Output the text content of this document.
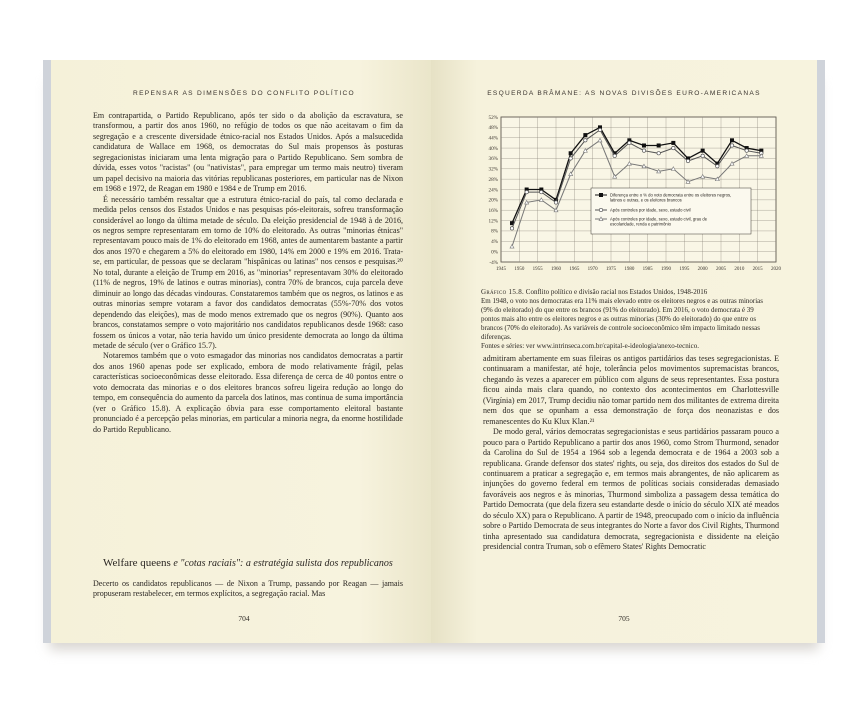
REPENSAR AS DIMENSÕES DO CONFLITO POLÍTICO

Em contrapartida, o Partido Republicano, após ter sido o da abolição da escravatura, se transformou, a partir dos anos 1960, no refúgio de todos os que não aceitavam o fim da segregação e a crescente diversidade étnico-racial nos Estados Unidos. Após a malsucedida candidatura de Wallace em 1968, os democratas do Sul mais propensos às posturas segregacionistas iniciaram uma lenta migração para o Partido Republicano. Sem sombra de dúvida, esses votos "racistas" (ou "nativistas", para empregar um termo mais neutro) tiveram um papel decisivo na maioria das vitórias republicanas posteriores, em particular nas de Nixon em 1968 e 1972, de Reagan em 1980 e 1984 e de Trump em 2016.

É necessário também ressaltar que a estrutura étnico-racial do país, tal como declarada e medida pelos censos dos Estados Unidos e nas pesquisas pós-eleitorais, sofreu transformação considerável ao longo da última metade de século. Da eleição presidencial de 1948 à de 2016, os negros sempre representaram em torno de 10% do eleitorado. As outras "minorias étnicas" representavam pouco mais de 1% do eleitorado em 1968, antes de aumentarem bastante a partir dos anos 1970 e chegarem a 5% do eleitorado em 1980, 14% em 2000 e 19% em 2016. Trata-se, em particular, de pessoas que se declaram "hispânicas ou latinas" nos censos e pesquisas.²⁰ No total, durante a eleição de Trump em 2016, as "minorias" representavam 30% do eleitorado (11% de negros, 19% de latinos e outras minorias), contra 70% de brancos, cuja parcela deve diminuir ao longo das décadas vindouras. Constataremos também que os negros, os latinos e as outras minorias sempre votaram a favor dos candidatos democratas (55%-70% dos votos dependendo das eleições), mas de modo menos extremado que os negros (90%). Quanto aos brancos, constatamos sempre o voto majoritário nos candidatos republicanos desde 1968: caso fossem os únicos a votar, não teria havido um único presidente democrata ao longo da última metade de século (ver o Gráfico 15.7).

Notaremos também que o voto esmagador das minorias nos candidatos democratas a partir dos anos 1960 apenas pode ser explicado, embora de modo relativamente frágil, pelas características socioeconômicas desse eleitorado. Essa diferença de cerca de 40 pontos entre o voto democrata das minorias e o dos eleitores brancos sofreu ligeira redução ao longo do tempo, em consequência do aumento da parcela dos latinos, mas continua de suma importância (ver o Gráfico 15.8). A explicação óbvia para esse comportamento eleitoral bastante pronunciado é a percepção pelas minorias, em particular a minoria negra, da enorme hostilidade do Partido Republicano.

Welfare queens e "cotas raciais": a estratégia sulista dos republicanos

Decerto os candidatos republicanos — de Nixon a Trump, passando por Reagan — jamais propuseram restabelecer, em termos explícitos, a segregação racial. Mas

704
ESQUERDA BRÂMANE: AS NOVAS DIVISÕES EURO-AMERICANAS
-4%
0%
4%
8%
12%
16%
20%
24%
28%
32%
36%
40%
44%
48%
52%
1945 1950 1955 1960 1965 1970 1975 1980 1985 1990 1995 2000 2005 2010 2015 2020
Diferença entre o % do voto democrata entre os eleitores negros, latinos e outras, e os eleitores brancos
Após controles por idade, sexo, estado civil
Após controles por idade, sexo, estado civil, grau de escolaridade, renda e patrimônio
Gráfico 15.8. Conflito político e divisão racial nos Estados Unidos, 1948-2016
Em 1948, o voto nos democratas era 11% mais elevado entre os eleitores negros e as outras minorias (9% do eleitorado) do que entre os brancos (91% do eleitorado). Em 2016, o voto democrata é 39 pontos mais alto entre os eleitores negros e as outras minorias (30% do eleitorado) do que entre os brancos (70% do eleitorado). As variáveis de controle socioeconômico têm impacto limitado nessas diferenças.
Fontes e séries: ver www.intrinseca.com.br/capital-e-ideologia/anexo-tecnico.

admitiram abertamente em suas fileiras os antigos partidários das teses segregacionistas. E continuaram a manifestar, até hoje, tolerância pelos movimentos supremacistas brancos, chegando às vezes a aparecer em público com alguns de seus representantes. Essa postura ficou ainda mais clara quando, no contexto dos acontecimentos em Charlottesville (Virgínia) em 2017, Trump decidiu não tomar partido nem dos militantes de extrema direita nem dos que se opunham a essa demonstração de força dos neonazistas e dos remanescentes do Ku Klux Klan.²¹

De modo geral, vários democratas segregacionistas e seus partidários passaram pouco a pouco para o Partido Republicano a partir dos anos 1960, como Strom Thurmond, senador da Carolina do Sul de 1954 a 1964 sob a legenda democrata e de 1964 a 2003 sob a republicana. Grande defensor dos states' rights, ou seja, dos direitos dos estados do Sul de continuarem a praticar a segregação e, em termos mais abrangentes, de não aplicarem as injunções do governo federal em termos de políticas sociais consideradas demasiado favoráveis aos negros e às minorias, Thurmond simboliza a passagem dessa temática do Partido Democrata (que dela fizera seu estandarte desde o início do século XIX até meados do século XX) para o Republicano. A partir de 1948, preocupado com o início da influência sobre o Partido Democrata de seus integrantes do Norte a favor dos Civil Rights, Thurmond tinha apresentado sua candidatura democrata, segregacionista e dissidente na eleição presidencial contra Truman, sob o efêmero States' Rights Democratic

705
